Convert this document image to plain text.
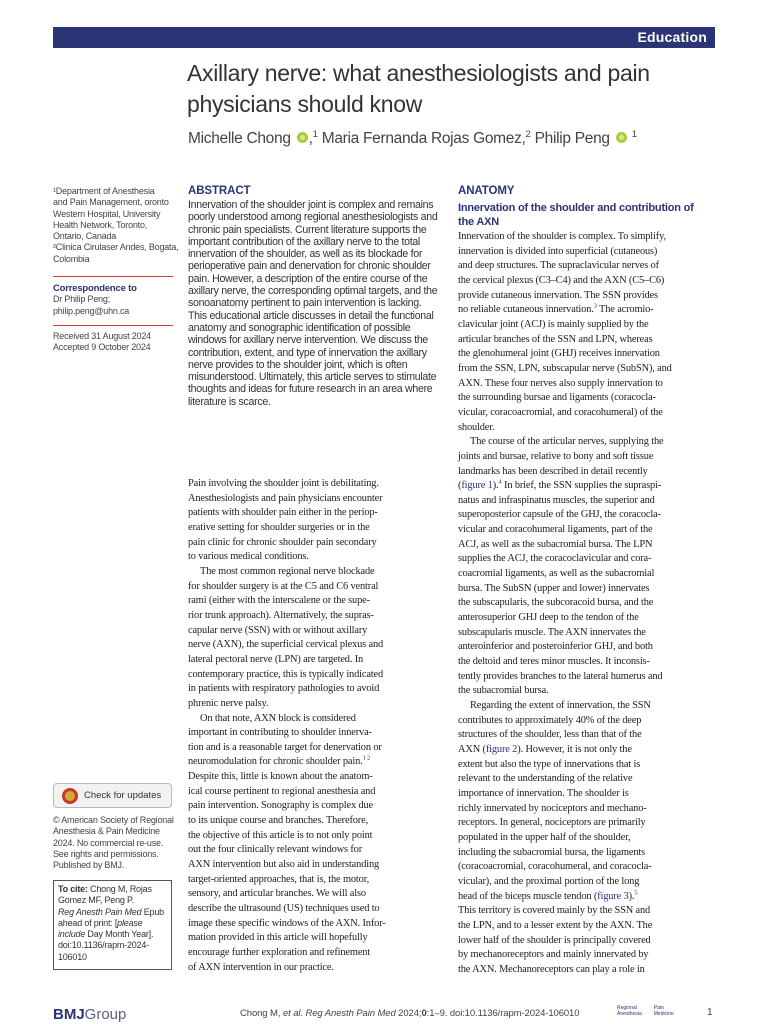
Education
Axillary nerve: what anesthesiologists and pain
physicians should know
Michelle Chong ,$^1$ Maria Fernanda Rojas Gomez,$^2$ Philip Peng $^1$
¹Department of Anesthesia
and Pain Management, oronto
Western Hospital, University
Health Network, Toronto,
Ontario, Canada
²Clinica Cirulaser Andes, Bogata,
Colombia
Correspondence to
Dr Philip Peng;
philip.peng@uhn.ca
Received 31 August 2024
Accepted 9 October 2024
Check for updates
© American Society of Regional
Anesthesia & Pain Medicine
2024. No commercial re-use.
See rights and permissions.
Published by BMJ.
To cite: Chong M, Rojas
Gomez MF, Peng P.
Reg Anesth Pain Med Epub
ahead of print: [please
include Day Month Year].
doi:10.1136/rapm-2024-
106010
ABSTRACT
Innervation of the shoulder joint is complex and remains
poorly understood among regional anesthesiologists and
chronic pain specialists. Current literature supports the
important contribution of the axillary nerve to the total
innervation of the shoulder, as well as its blockade for
perioperative pain and denervation for chronic shoulder
pain. However, a description of the entire course of the
axillary nerve, the corresponding optimal targets, and the
sonoanatomy pertinent to pain intervention is lacking.
This educational article discusses in detail the functional
anatomy and sonographic identification of possible
windows for axillary nerve intervention. We discuss the
contribution, extent, and type of innervation the axillary
nerve provides to the shoulder joint, which is often
misunderstood. Ultimately, this article serves to stimulate
thoughts and ideas for future research in an area where
literature is scarce.
Pain involving the shoulder joint is debilitating.
Anesthesiologists and pain physicians encounter
patients with shoulder pain either in the periop-
erative setting for shoulder surgeries or in the
pain clinic for chronic shoulder pain secondary
to various medical conditions.
The most common regional nerve blockade
for shoulder surgery is at the C5 and C6 ventral
rami (either with the interscalene or the supe-
rior trunk approach). Alternatively, the supras-
capular nerve (SSN) with or without axillary
nerve (AXN), the superficial cervical plexus and
lateral pectoral nerve (LPN) are targeted. In
contemporary practice, this is typically indicated
in patients with respiratory pathologies to avoid
phrenic nerve palsy.
On that note, AXN block is considered
important in contributing to shoulder innerva-
tion and is a reasonable target for denervation or
neuromodulation for chronic shoulder pain.$^{1 2}$
Despite this, little is known about the anatom-
ical course pertinent to regional anesthesia and
pain intervention. Sonography is complex due
to its unique course and branches. Therefore,
the objective of this article is to not only point
out the four clinically relevant windows for
AXN intervention but also aid in understanding
target-oriented approaches, that is, the motor,
sensory, and articular branches. We will also
describe the ultrasound (US) techniques used to
image these specific windows of the AXN. Infor-
mation provided in this article will hopefully
encourage further exploration and refinement
of AXN intervention in our practice.
ANATOMY
Innervation of the shoulder and contribution of
the AXN
Innervation of the shoulder is complex. To simplify,
innervation is divided into superficial (cutaneous)
and deep structures. The supraclavicular nerves of
the cervical plexus (C3–C4) and the AXN (C5–C6)
provide cutaneous innervation. The SSN provides
no reliable cutaneous innervation.$^3$ The acromio-
clavicular joint (ACJ) is mainly supplied by the
articular branches of the SSN and LPN, whereas
the glenohumeral joint (GHJ) receives innervation
from the SSN, LPN, subscapular nerve (SubSN), and
AXN. These four nerves also supply innervation to
the surrounding bursae and ligaments (coracocla-
vicular, coracoacromial, and coracohumeral) of the
shoulder.
The course of the articular nerves, supplying the
joints and bursae, relative to bony and soft tissue
landmarks has been described in detail recently
(figure 1).$^4$ In brief, the SSN supplies the supraspi-
natus and infraspinatus muscles, the superior and
superoposterior capsule of the GHJ, the coracocla-
vicular and coracohumeral ligaments, part of the
ACJ, as well as the subacromial bursa. The LPN
supplies the ACJ, the coracoclavicular and cora-
coacromial ligaments, as well as the subacromial
bursa. The SubSN (upper and lower) innervates
the subscapularis, the subcoracoid bursa, and the
anterosuperior GHJ deep to the tendon of the
subscapularis muscle. The AXN innervates the
anteroinferior and posteroinferior GHJ, and both
the deltoid and teres minor muscles. It inconsis-
tently provides branches to the lateral humerus and
the subacromial bursa.
Regarding the extent of innervation, the SSN
contributes to approximately 40% of the deep
structures of the shoulder, less than that of the
AXN (figure 2). However, it is not only the
extent but also the type of innervations that is
relevant to the understanding of the relative
importance of innervation. The shoulder is
richly innervated by nociceptors and mechano-
receptors. In general, nociceptors are primarily
populated in the upper half of the shoulder,
including the subacromial bursa, the ligaments
(coracoacromial, coracohumeral, and coracocla-
vicular), and the proximal portion of the long
head of the biceps muscle tendon (figure 3).$^5$
This territory is covered mainly by the SSN and
the LPN, and to a lesser extent by the AXN. The
lower half of the shoulder is principally covered
by mechanoreceptors and mainly innervated by
the AXN. Mechanoreceptors can play a role in
BMJGroup	Chong M, et al. Reg Anesth Pain Med 2024;0:1–9. doi:10.1136/rapm-2024-106010	Regional
AnesthesiaPain
Medicine	1
